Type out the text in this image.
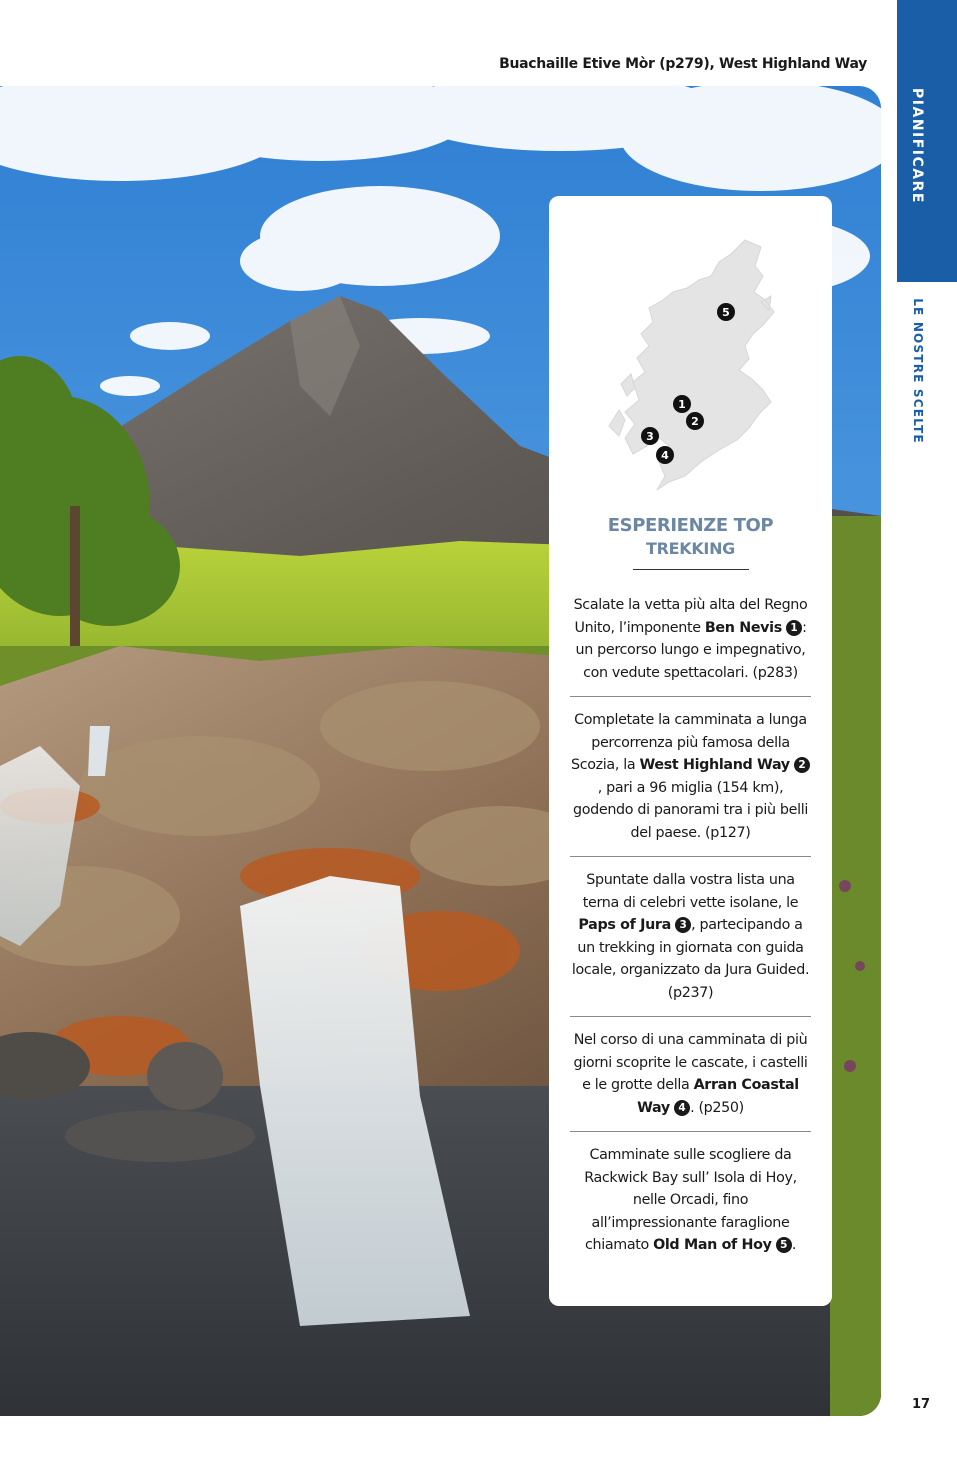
Buachaille Etive Mòr (p279), West Highland Way
PIANIFICARE
LE NOSTRE SCELTE
1
2
3
4
5
ESPERIENZE TOP
TREKKING
Scalate la vetta più alta del Regno Unito, l’imponente Ben Nevis 1 : un percorso lungo e impegnativo, con vedute spettacolari. (p283)
Completate la camminata a lunga percorrenza più famosa della Scozia, la West Highland Way 2, pari a 96 miglia (154 km), godendo di panorami tra i più belli del paese. (p127)
Spuntate dalla vostra lista una terna di celebri vette isolane, le Paps of Jura 3 , partecipando a un trekking in giornata con guida locale, organizzato da Jura Guided. (p237)
Nel corso di una camminata di più giorni scoprite le cascate, i castelli e le grotte della Arran Coastal Way 4 . (p250)
Camminate sulle scogliere da Rackwick Bay sull’ Isola di Hoy, nelle Orcadi, fino all’impressionante faraglione chiamato Old Man of Hoy 5 .
17
